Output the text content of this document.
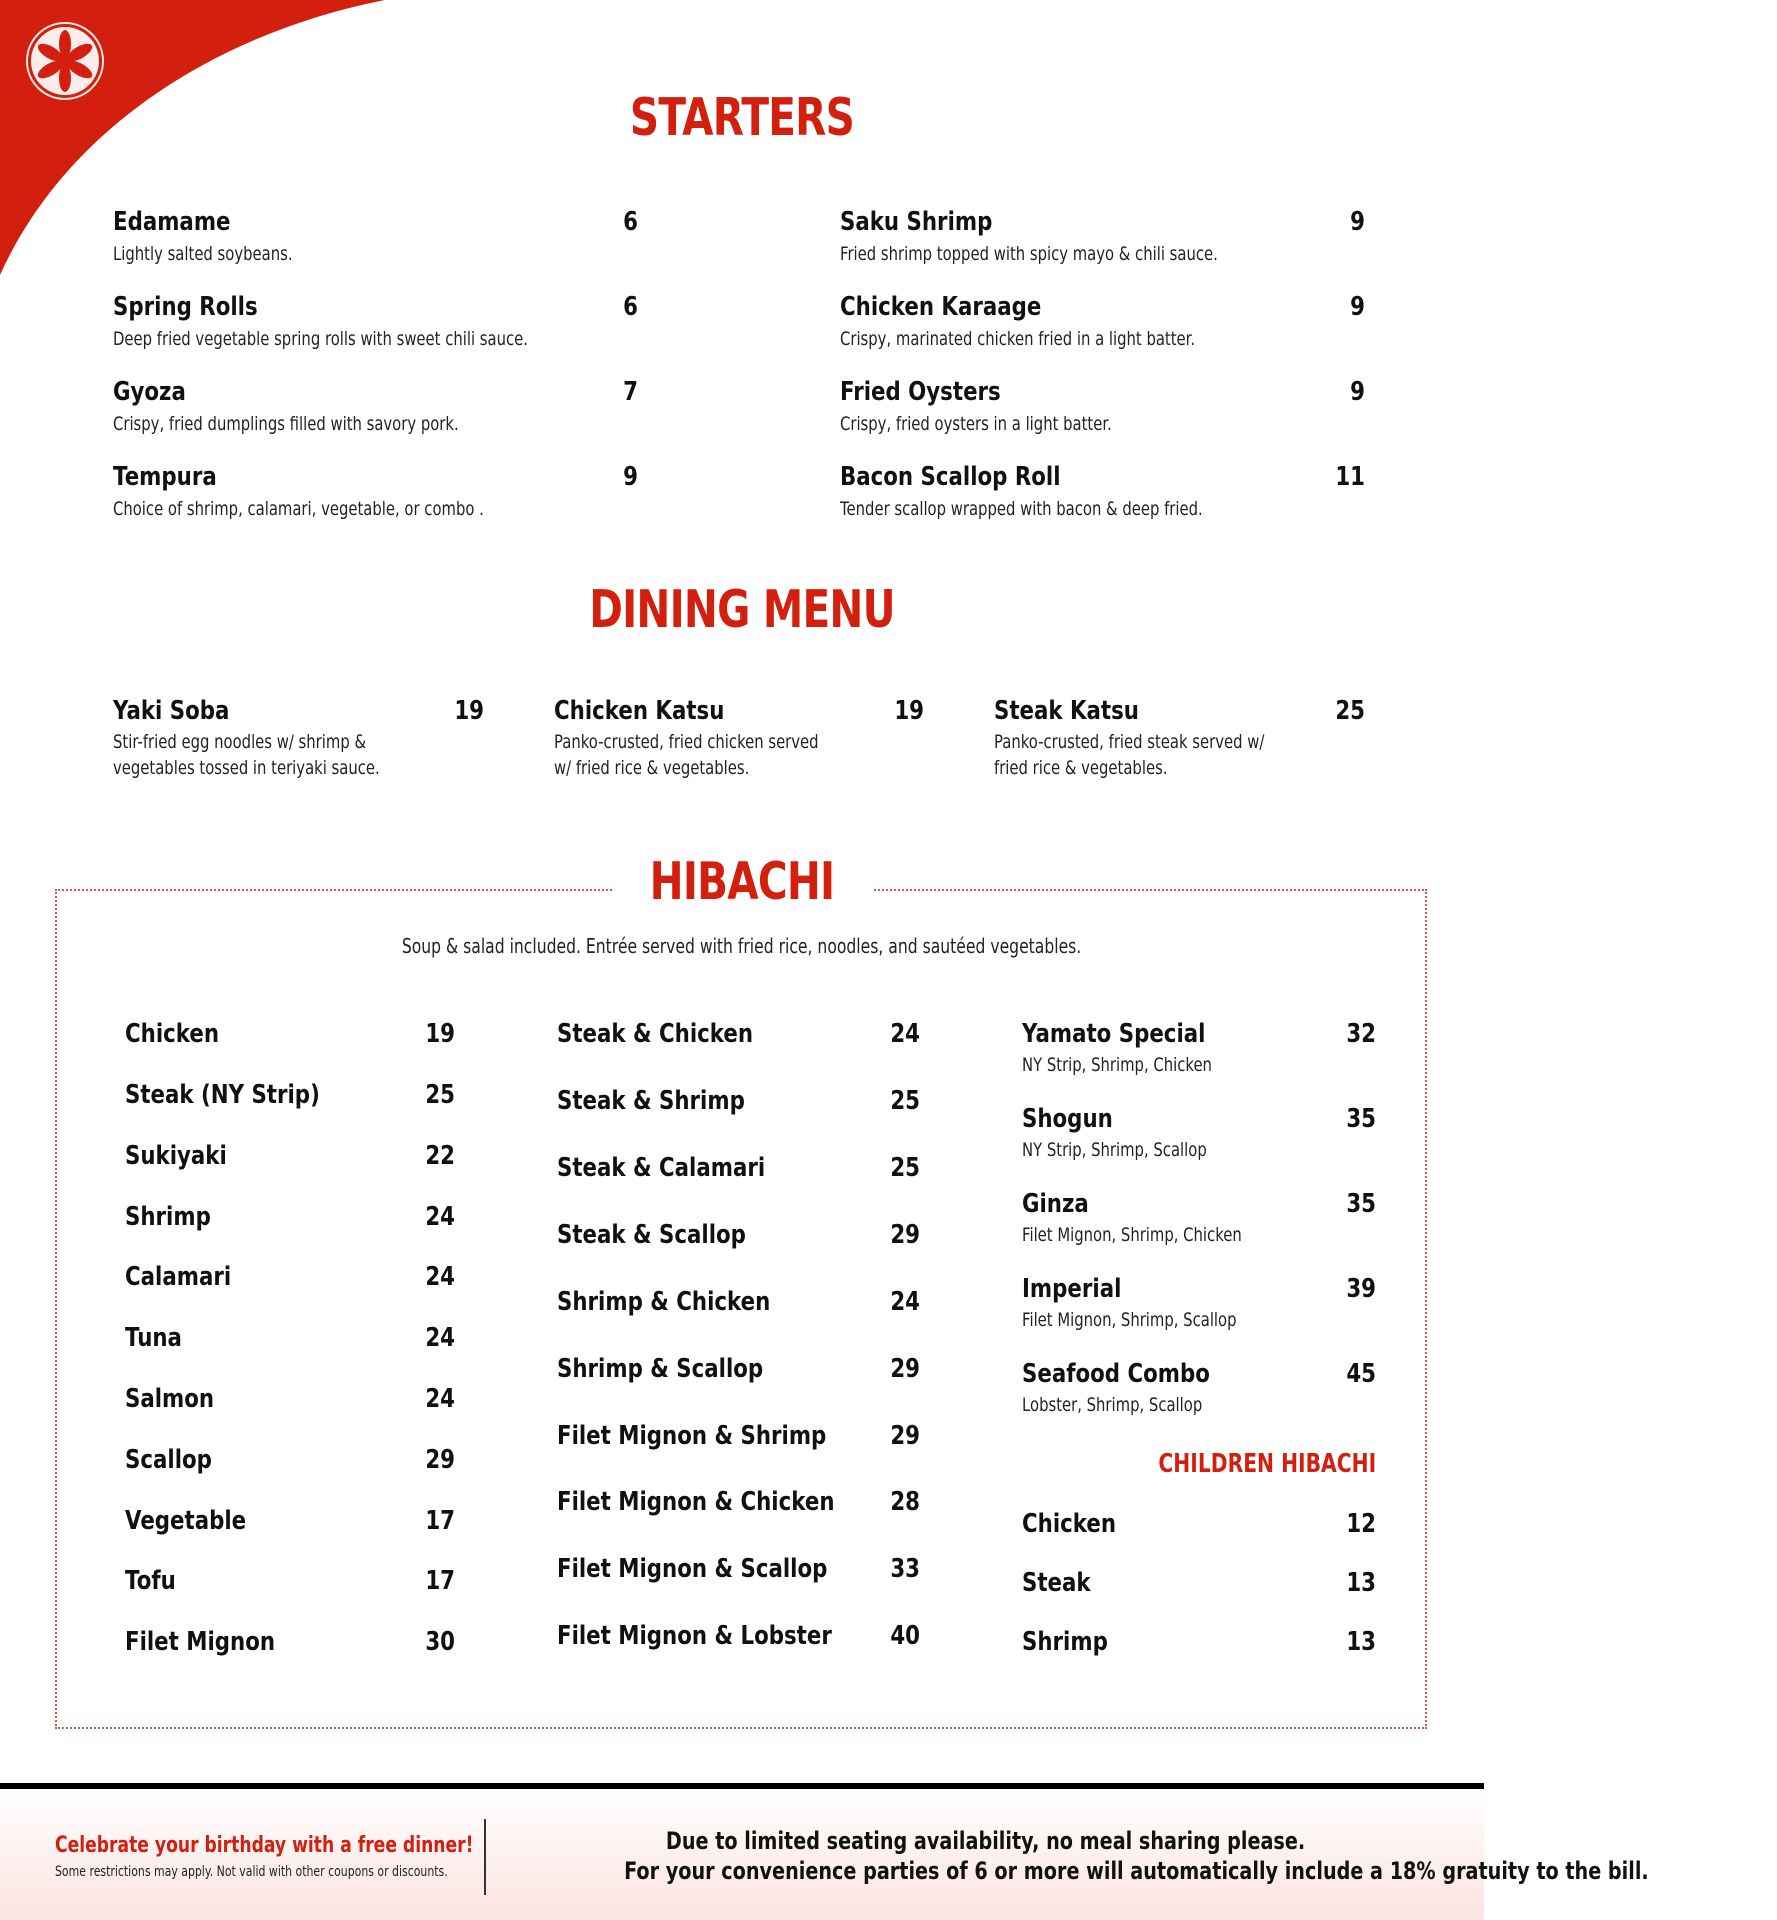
STARTERS
Edamame	6
Lightly salted soybeans.
Spring Rolls	6
Deep fried vegetable spring rolls with sweet chili sauce.
Gyoza	7
Crispy, fried dumplings filled with savory pork.
Tempura	9
Choice of shrimp, calamari, vegetable, or combo .
Saku Shrimp	9
Fried shrimp topped with spicy mayo & chili sauce.
Chicken Karaage	9
Crispy, marinated chicken fried in a light batter.
Fried Oysters	9
Crispy, fried oysters in a light batter.
Bacon Scallop Roll	11
Tender scallop wrapped with bacon & deep fried.
DINING MENU
Yaki Soba	19
Stir-fried egg noodles w/ shrimp & vegetables tossed in teriyaki sauce.
Chicken Katsu	19
Panko-crusted, fried chicken served w/ fried rice & vegetables.
Steak Katsu	25
Panko-crusted, fried steak served w/ fried rice & vegetables.
HIBACHI
Soup & salad included. Entrée served with fried rice, noodles, and sautéed vegetables.
Chicken	19
Steak (NY Strip)	25
Sukiyaki	22
Shrimp	24
Calamari	24
Tuna	24
Salmon	24
Scallop	29
Vegetable	17
Tofu	17
Filet Mignon	30
Steak & Chicken	24
Steak & Shrimp	25
Steak & Calamari	25
Steak & Scallop	29
Shrimp & Chicken	24
Shrimp & Scallop	29
Filet Mignon & Shrimp	29
Filet Mignon & Chicken	28
Filet Mignon & Scallop	33
Filet Mignon & Lobster	40
Yamato Special	32
NY Strip, Shrimp, Chicken
Shogun	35
NY Strip, Shrimp, Scallop
Ginza	35
Filet Mignon, Shrimp, Chicken
Imperial	39
Filet Mignon, Shrimp, Scallop
Seafood Combo	45
Lobster, Shrimp, Scallop
CHILDREN HIBACHI
Chicken	12
Steak	13
Shrimp	13
Celebrate your birthday with a free dinner!
Some restrictions may apply. Not valid with other coupons or discounts.
Due to limited seating availability, no meal sharing please.
For your convenience parties of 6 or more will automatically include a 18% gratuity to the bill.
